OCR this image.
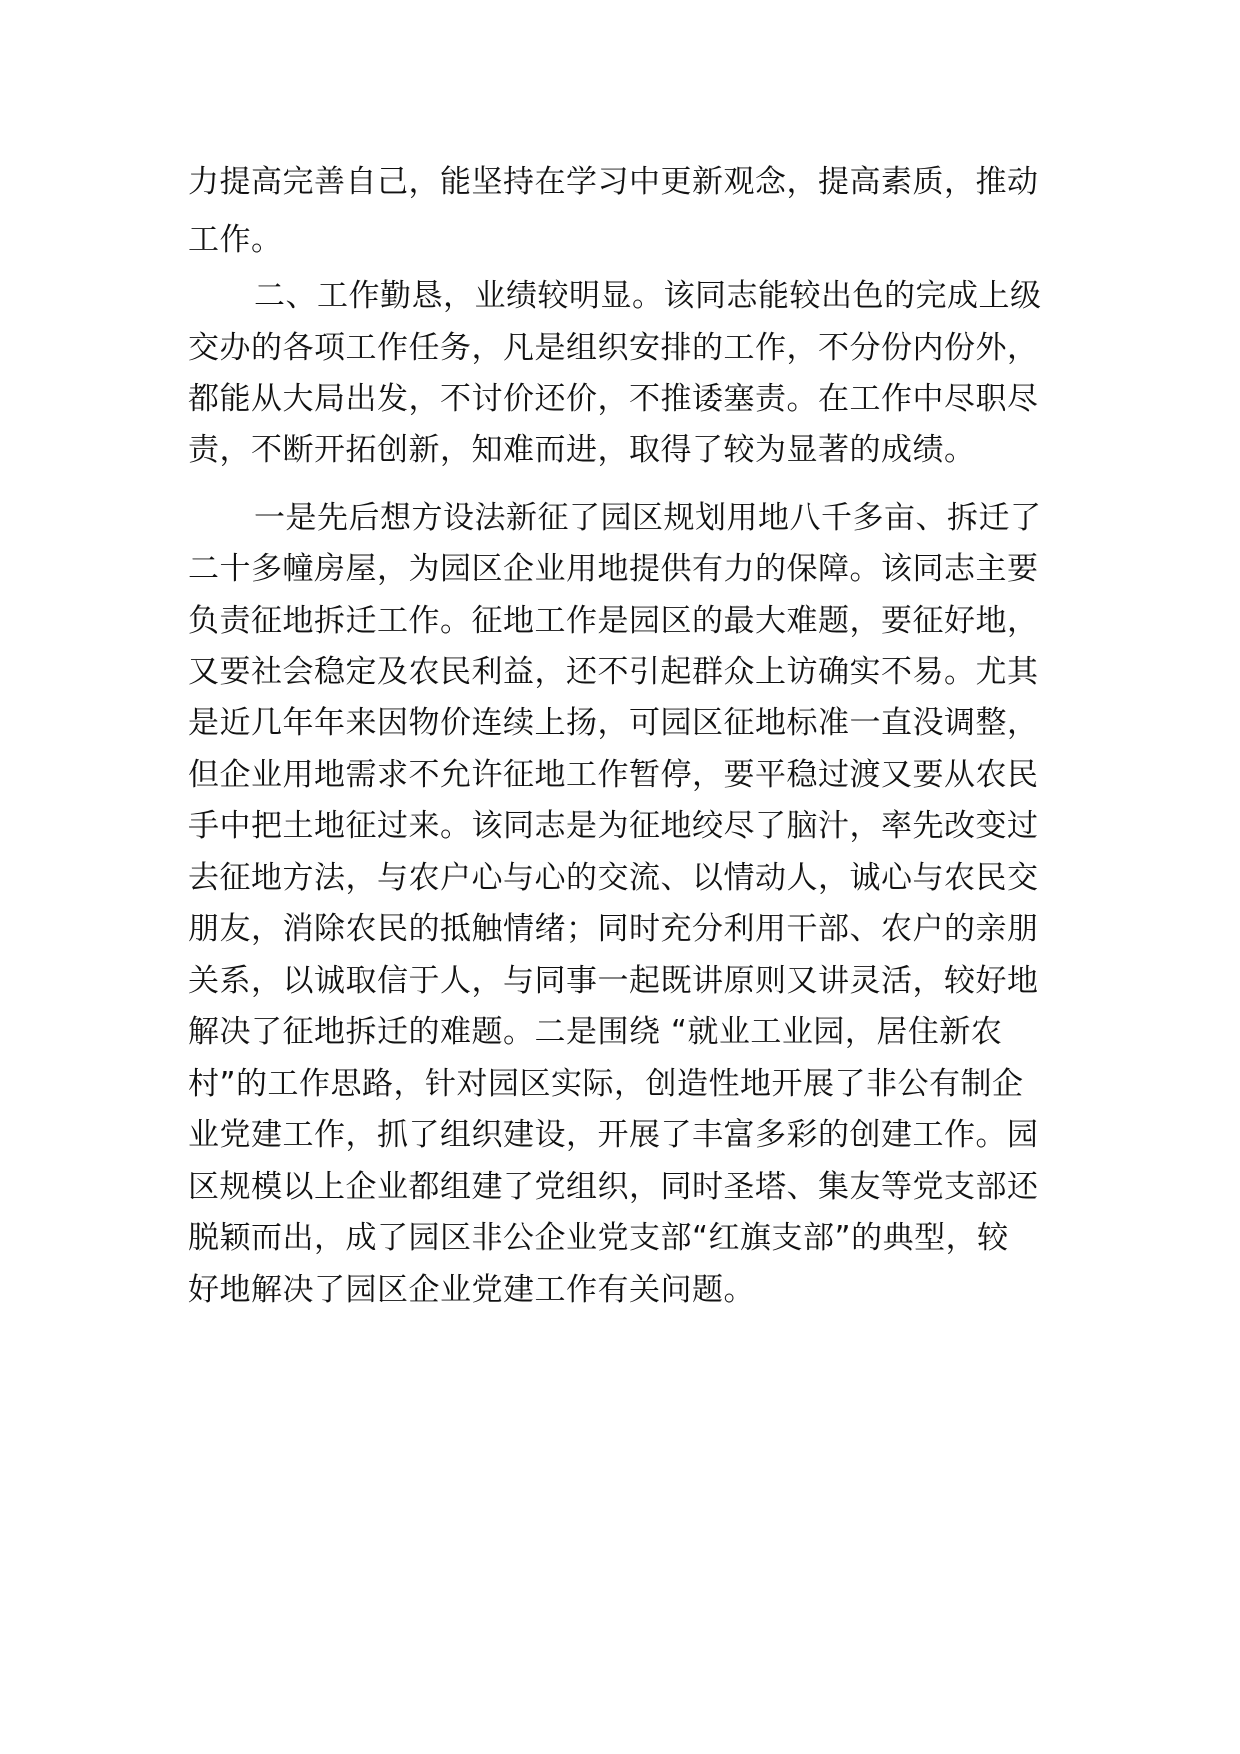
力提高完善自己，能坚持在学习中更新观念，提高素质，推动

工作。

二、工作勤恳，业绩较明显。该同志能较出色的完成上级

交办的各项工作任务，凡是组织安排的工作，不分份内份外，

都能从大局出发，不讨价还价，不推诿塞责。在工作中尽职尽

责，不断开拓创新，知难而进，取得了较为显著的成绩。

一是先后想方设法新征了园区规划用地八千多亩、拆迁了

二十多幢房屋，为园区企业用地提供有力的保障。该同志主要

负责征地拆迁工作。征地工作是园区的最大难题，要征好地，

又要社会稳定及农民利益，还不引起群众上访确实不易。尤其

是近几年年来因物价连续上扬，可园区征地标准一直没调整，

但企业用地需求不允许征地工作暂停，要平稳过渡又要从农民

手中把土地征过来。该同志是为征地绞尽了脑汁，率先改变过

去征地方法，与农户心与心的交流、以情动人，诚心与农民交

朋友，消除农民的抵触情绪；同时充分利用干部、农户的亲朋

关系，以诚取信于人，与同事一起既讲原则又讲灵活，较好地

解决了征地拆迁的难题。二是围绕 “就业工业园，居住新农

村”的工作思路，针对园区实际，创造性地开展了非公有制企

业党建工作，抓了组织建设，开展了丰富多彩的创建工作。园

区规模以上企业都组建了党组织，同时圣塔、集友等党支部还

脱颖而出，成了园区非公企业党支部“红旗支部”的典型，较

好地解决了园区企业党建工作有关问题。
